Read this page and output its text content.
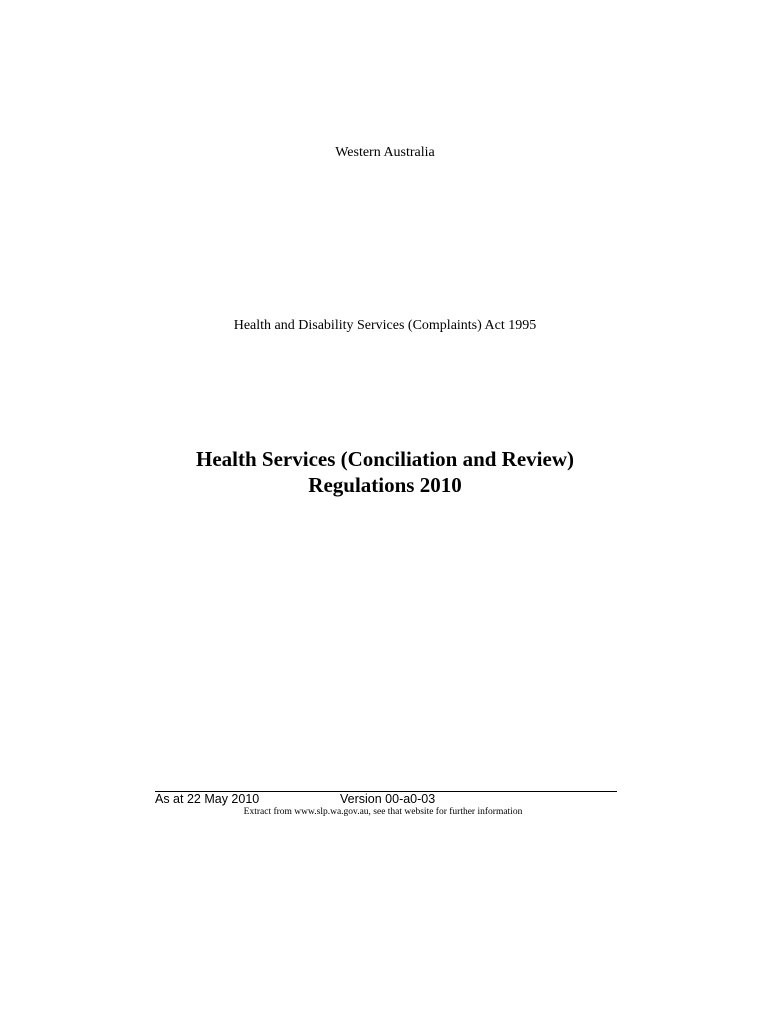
Western Australia
Health and Disability Services (Complaints) Act 1995
Health Services (Conciliation and Review)
Regulations 2010
As at 22 May 2010	Version 00-a0-03
Extract from www.slp.wa.gov.au, see that website for further information
